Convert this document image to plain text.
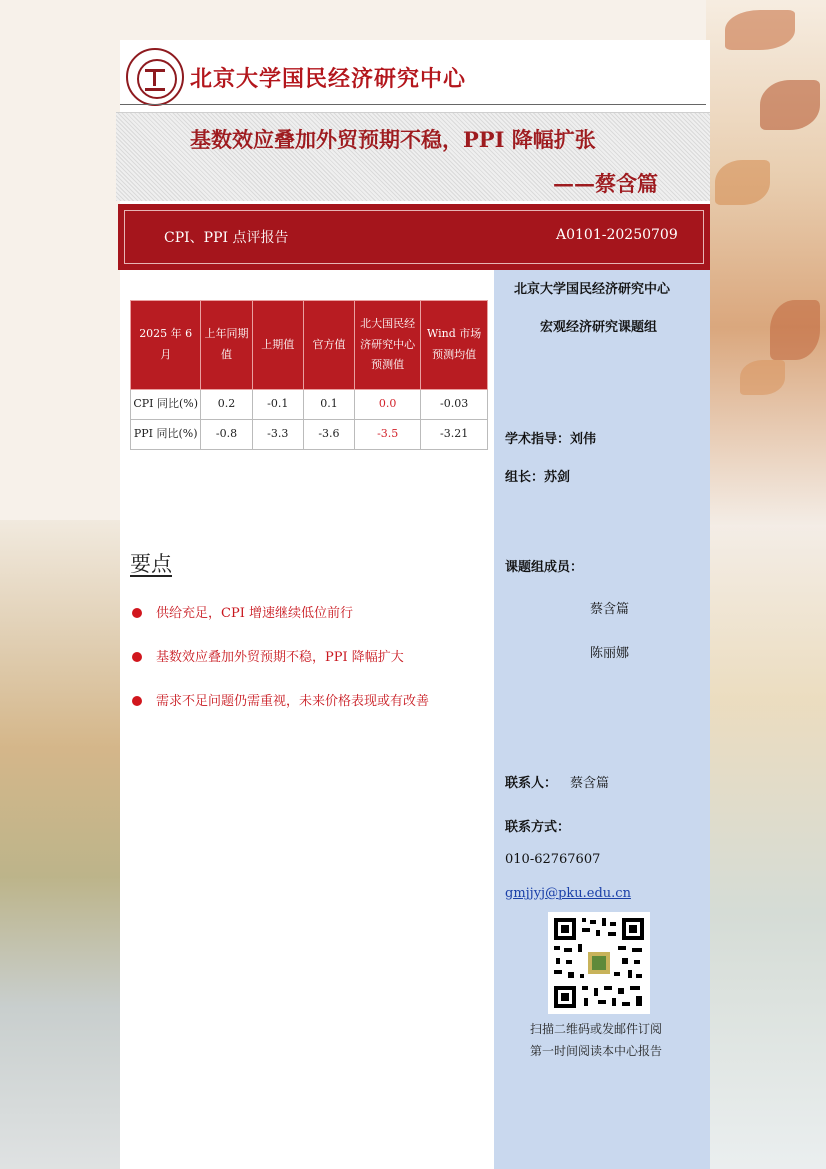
北京大学国民经济研究中心
基数效应叠加外贸预期不稳，PPI 降幅扩张
——蔡含篇
CPI、PPI 点评报告	A0101-20250709
北京大学国民经济研究中心
宏观经济研究课题组
学术指导：刘伟
组长：苏剑
课题组成员：
蔡含篇
陈丽娜
联系人： 蔡含篇
联系方式：
010-62767607
gmjjyj@pku.edu.cn
扫描二维码或发邮件订阅
第一时间阅读本中心报告
2025 年 6 月	上年同期值	上期值	官方值	北大国民经济研究中心预测值	Wind 市场预测均值
CPI 同比(%)	0.2	-0.1	0.1	0.0	-0.03
PPI 同比(%)	-0.8	-3.3	-3.6	-3.5	-3.21
要点
供给充足，CPI 增速继续低位前行
基数效应叠加外贸预期不稳，PPI 降幅扩大
需求不足问题仍需重视，未来价格表现或有改善
